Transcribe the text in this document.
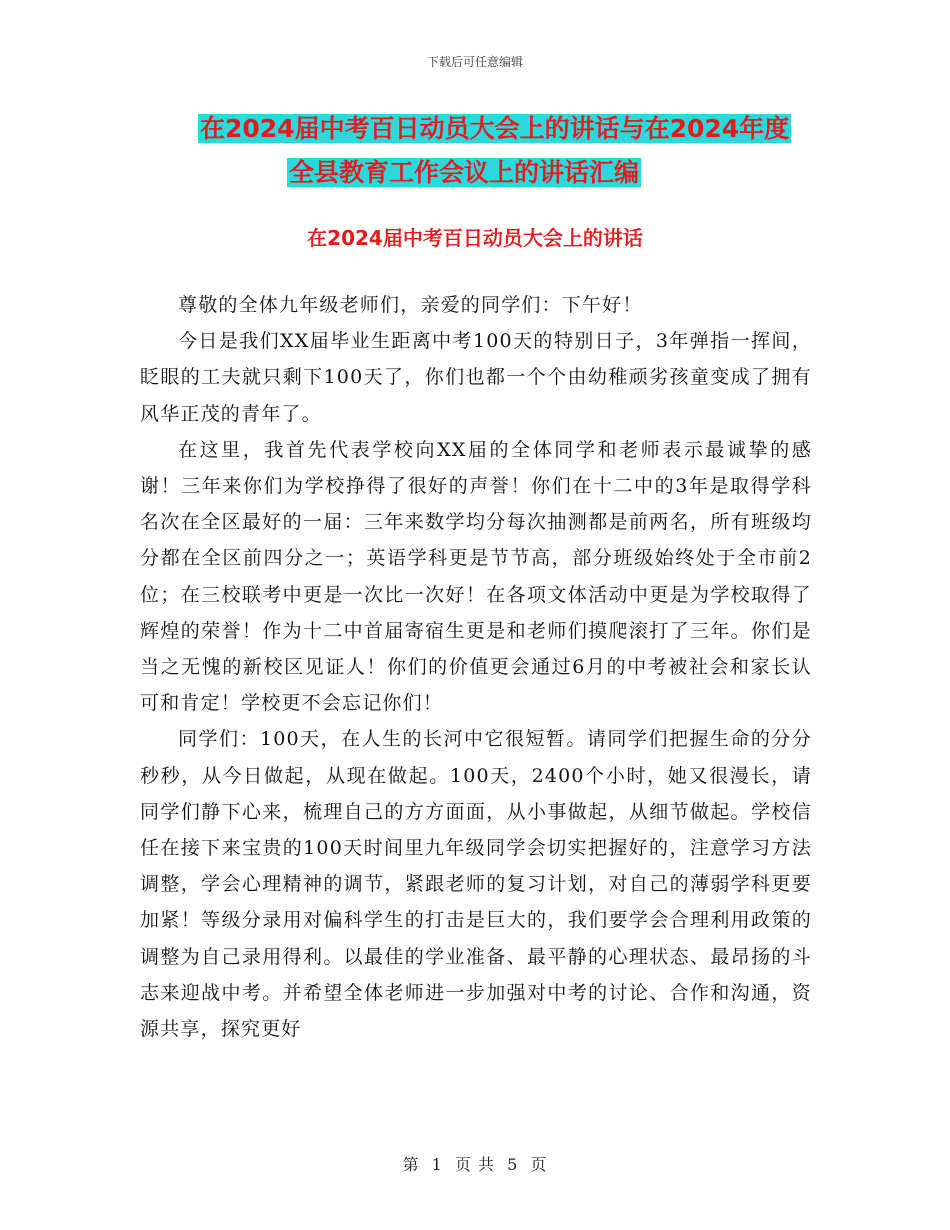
下载后可任意编辑
在2024届中考百日动员大会上的讲话与在2024年度
全县教育工作会议上的讲话汇编
在2024届中考百日动员大会上的讲话

尊敬的全体九年级老师们，亲爱的同学们：下午好！

今日是我们XX届毕业生距离中考100天的特别日子，3年弹指一挥间，眨眼的工夫就只剩下100天了，你们也都一个个由幼稚顽劣孩童变成了拥有风华正茂的青年了。

在这里，我首先代表学校向XX届的全体同学和老师表示最诚挚的感谢！三年来你们为学校挣得了很好的声誉！你们在十二中的3年是取得学科名次在全区最好的一届：三年来数学均分每次抽测都是前两名，所有班级均分都在全区前四分之一；英语学科更是节节高，部分班级始终处于全市前2位；在三校联考中更是一次比一次好！在各项文体活动中更是为学校取得了辉煌的荣誉！作为十二中首届寄宿生更是和老师们摸爬滚打了三年。你们是当之无愧的新校区见证人！你们的价值更会通过6月的中考被社会和家长认可和肯定！学校更不会忘记你们！

同学们：100天，在人生的长河中它很短暂。请同学们把握生命的分分秒秒，从今日做起，从现在做起。100天，2400个小时，她又很漫长，请同学们静下心来，梳理自己的方方面面，从小事做起，从细节做起。学校信任在接下来宝贵的100天时间里九年级同学会切实把握好的，注意学习方法调整，学会心理精神的调节，紧跟老师的复习计划，对自己的薄弱学科更要加紧！等级分录用对偏科学生的打击是巨大的，我们要学会合理利用政策的调整为自己录用得利。以最佳的学业准备、最平静的心理状态、最昂扬的斗志来迎战中考。并希望全体老师进一步加强对中考的讨论、合作和沟通，资源共享，探究更好

第 1 页 共 5 页
